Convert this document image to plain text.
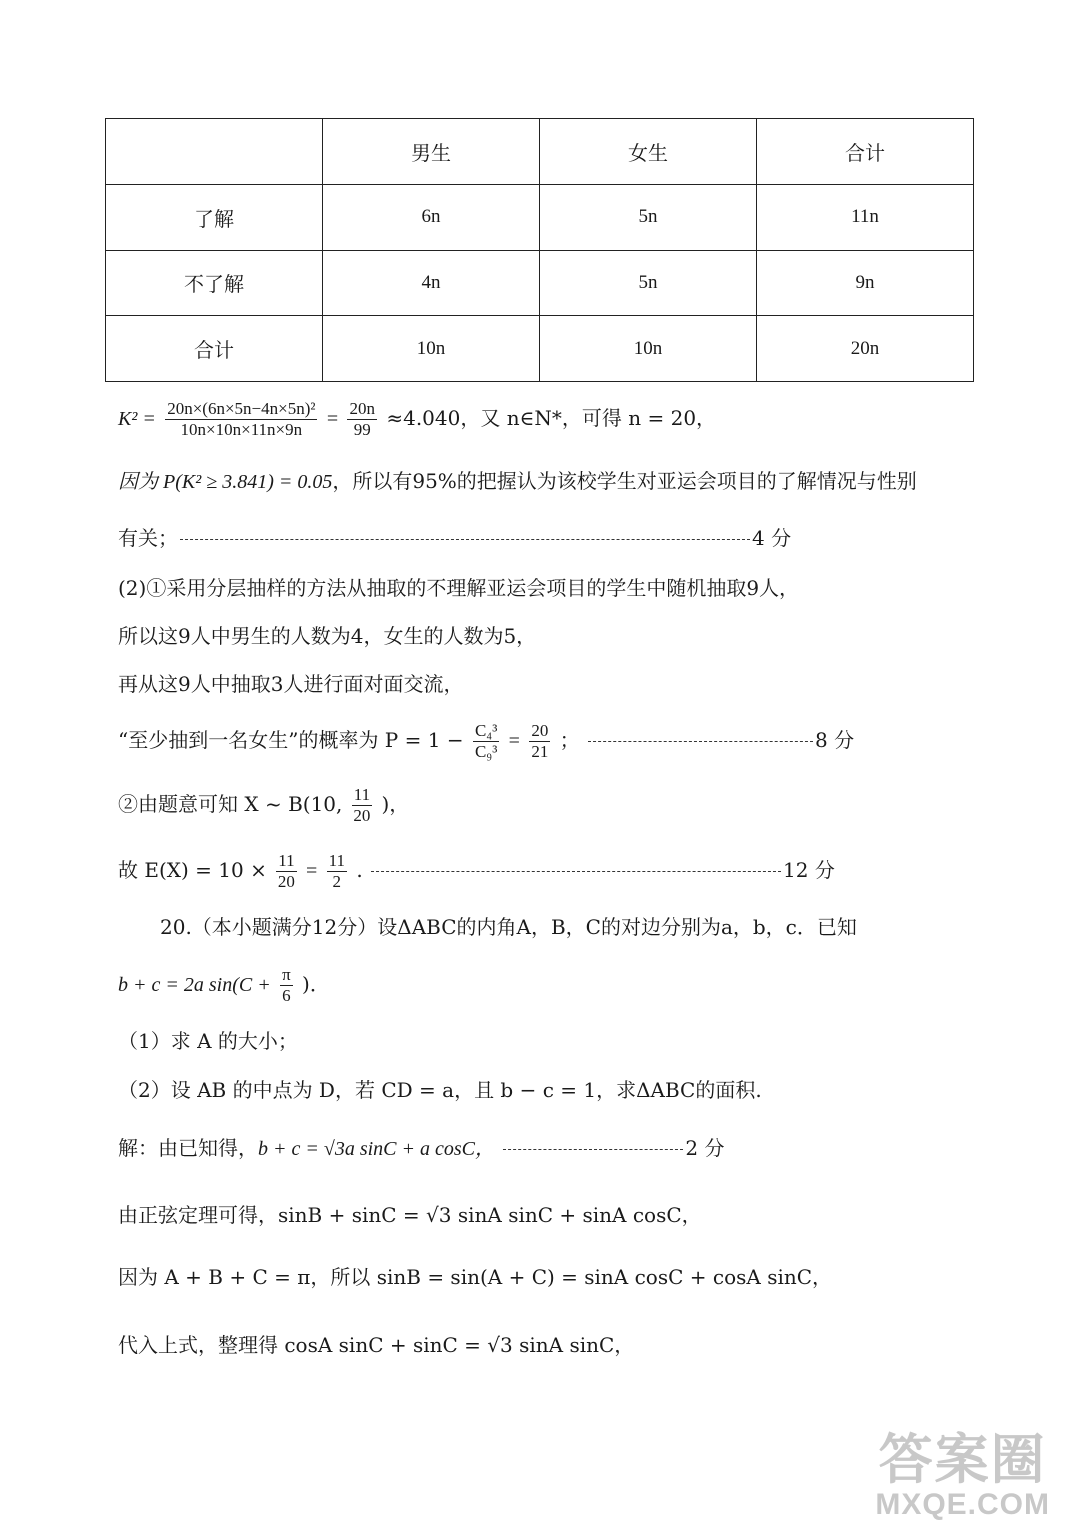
	男生	女生	合计
了解	6n	5n	11n
不了解	4n	5n	9n
合计	10n	10n	20n
$K^2 = \frac{\text{20n×(6n×5n−4n×5n)²}}{10n\times 10n\times 11n\times 9n} = \frac{20n}{99} \approx 4.040$，又 n∈N*，可得 n = 20，
因为 P(K² ≥ 3.841) = 0.05，所以有95%的把握认为该校学生对亚运会项目的了解情况与性别
有关；	4 分
(2)①采用分层抽样的方法从抽取的不理解亚运会项目的学生中随机抽取9人，
所以这9人中男生的人数为4，女生的人数为5，
再从这9人中抽取3人进行面对面交流，
“至少抽到一名女生”的概率为 $P = 1 - \frac{\text{C₄³}}{\text{C₉³}} = \frac{20}{21}$ ；	8 分
②由题意可知 X ~ B(10, $\frac{11}{20}$ )，
故 $E(X) = 10 \times \frac{11}{20} = \frac{11}{2}$ .	12 分
20.（本小题满分12分）设ΔABC的内角A，B，C的对边分别为a，b，c．已知
b + c = 2a $\sin(C + \frac{\pi}{6}$ )．
（1）求 A 的大小；
（2）设 AB 的中点为 D，若 CD = a，且 b − c = 1，求ΔABC的面积.
解：由已知得，b + c = √3a sinC + a cosC，	2 分
由正弦定理可得，sinB + sinC = √3 sinA sinC + sinA cosC，
因为 A + B + C = π，所以 sinB = sin(A + C) = sinA cosC + cosA sinC，
代入上式，整理得 cosA sinC + sinC = √3 sinA sinC，
答案圈
MXQE.COM
